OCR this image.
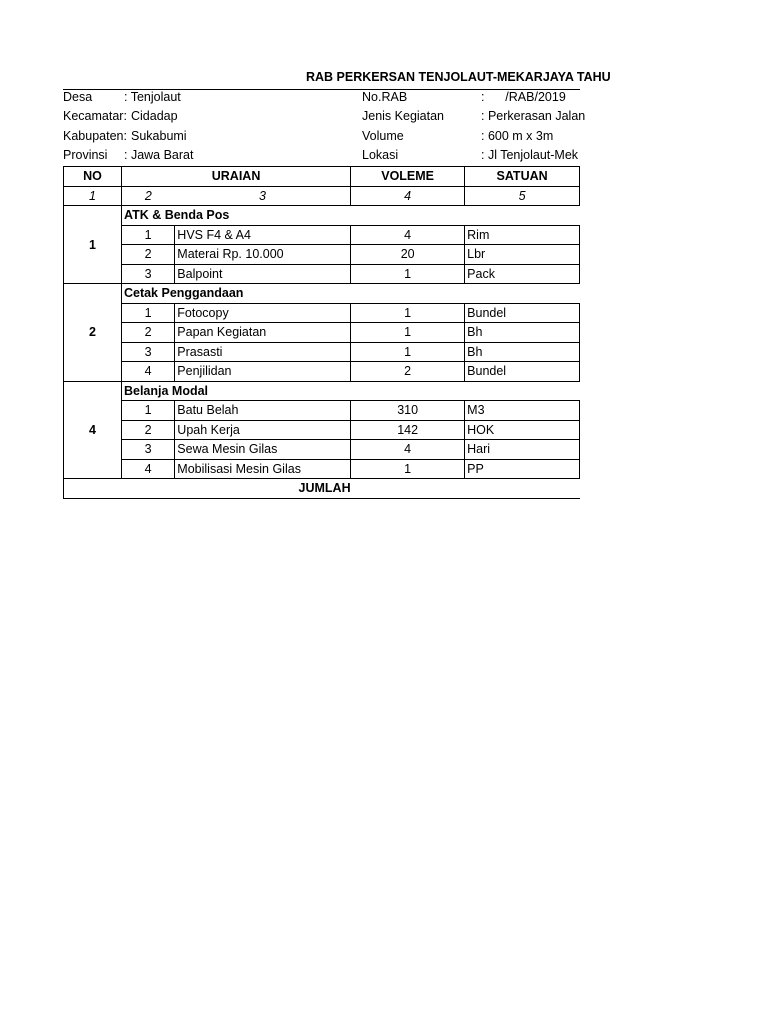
RAB PERKERSAN TENJOLAUT-MEKARJAYA TAHU
Desa	: Tenjolaut
Kecamatar: Cidadap
Kabupaten: Sukabumi
Provinsi : Jawa Barat
No.RAB	:      /RAB/2019
Jenis Kegiatan	: Perkerasan Jalan
Volume	: 600 m x 3m
Lokasi	: Jl Tenjolaut-Mek
NO	URAIAN		VOLEME	SATUAN
1	2	3	4	5
1	ATK & Benda Pos			
	1	HVS F4 & A4	4	Rim
	2	Materai Rp. 10.000	20	Lbr
	3	Balpoint	1	Pack
2	Cetak Penggandaan			
	1	Fotocopy	1	Bundel
	2	Papan Kegiatan	1	Bh
	3	Prasasti	1	Bh
	4	Penjilidan	2	Bundel
4	Belanja Modal			
	1	Batu Belah	310	M3
	2	Upah Kerja	142	HOK
	3	Sewa Mesin Gilas	4	Hari
	4	Mobilisasi Mesin Gilas	1	PP
JUMLAH				
